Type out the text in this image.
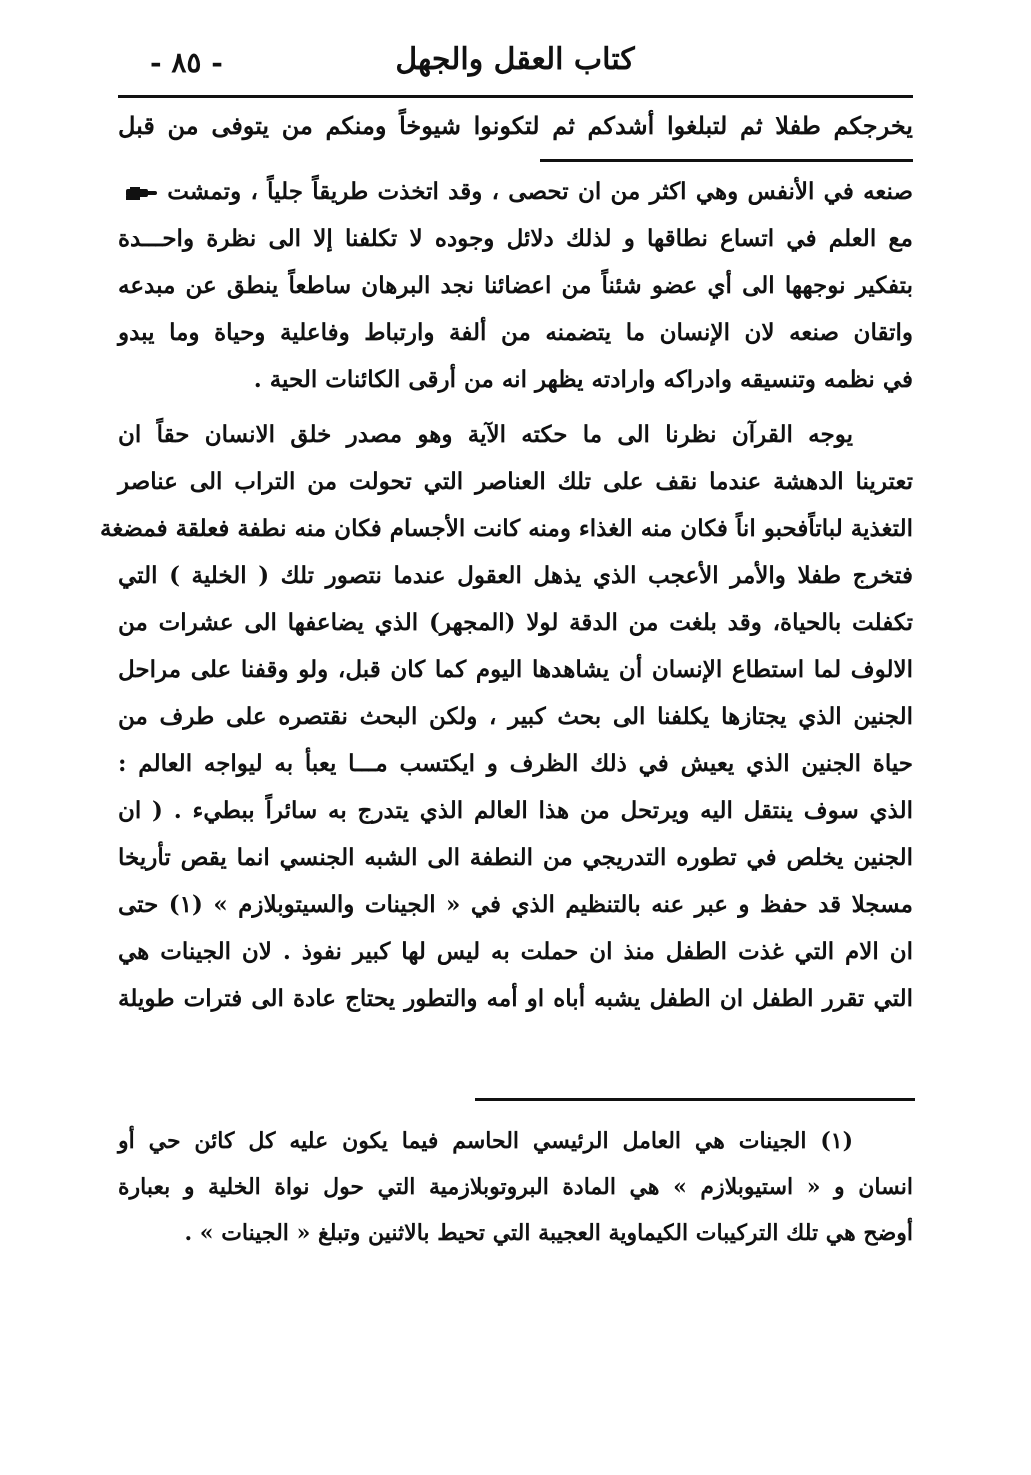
- ٨٥ -	كتاب العقل والجهل
يخرجكم طفلا ثم لتبلغوا أشدكم ثم لتكونوا شيوخاً ومنكم من يتوفى من قبل
صنعه في الأنفس وهي اكثر من ان تحصى ، وقد اتخذت طريقاً جلياً ، وتمشت
مع العلم في اتساع نطاقها و لذلك دلائل وجوده لا تكلفنا إلا الى نظرة واحـــدة
بتفكير نوجهها الى أي عضو شئناً من اعضائنا نجد البرهان ساطعاً ينطق عن مبدعه
واتقان صنعه لان الإنسان ما يتضمنه من ألفة وارتباط وفاعلية وحياة وما يبدو
في نظمه وتنسيقه وادراكه وارادته يظهر انه من أرقى الكائنات الحية .
يوجه القرآن نظرنا الى ما حكته الآية وهو مصدر خلق الانسان حقاً ان
تعترينا الدهشة عندما نقف على تلك العناصر التي تحولت من التراب الى عناصر
التغذية لباتاًفحبو اناً فكان منه الغذاء ومنه كانت الأجسام فكان منه نطفة فعلقة فمضغة
فتخرج طفلا والأمر الأعجب الذي يذهل العقول عندما نتصور تلك ( الخلية ) التي
تكفلت بالحياة، وقد بلغت من الدقة لولا (المجهر) الذي يضاعفها الى عشرات من
الالوف لما استطاع الإنسان أن يشاهدها اليوم كما كان قبل، ولو وقفنا على مراحل
الجنين الذي يجتازها يكلفنا الى بحث كبير ، ولكن البحث نقتصره على طرف من
حياة الجنين الذي يعيش في ذلك الظرف و ايكتسب مـــا يعبأ به ليواجه العالم :
الذي سوف ينتقل اليه ويرتحل من هذا العالم الذي يتدرج به سائراً ببطيء . ( ان
الجنين يخلص في تطوره التدريجي من النطفة الى الشبه الجنسي انما يقص تأريخا
مسجلا قد حفظ و عبر عنه بالتنظيم الذي في « الجينات والسيتوبلازم » (١) حتى
ان الام التي غذت الطفل منذ ان حملت به ليس لها كبير نفوذ . لان الجينات هي
التي تقرر الطفل ان الطفل يشبه أباه او أمه والتطور يحتاج عادة الى فترات طويلة
(١) الجينات هي العامل الرئيسي الحاسم فيما يكون عليه كل كائن حي أو
انسان و « استيوبلازم » هي المادة البروتوبلازمية التي حول نواة الخلية و بعبارة
أوضح هي تلك التركيبات الكيماوية العجيبة التي تحيط بالاثنين وتبلغ « الجينات » .
